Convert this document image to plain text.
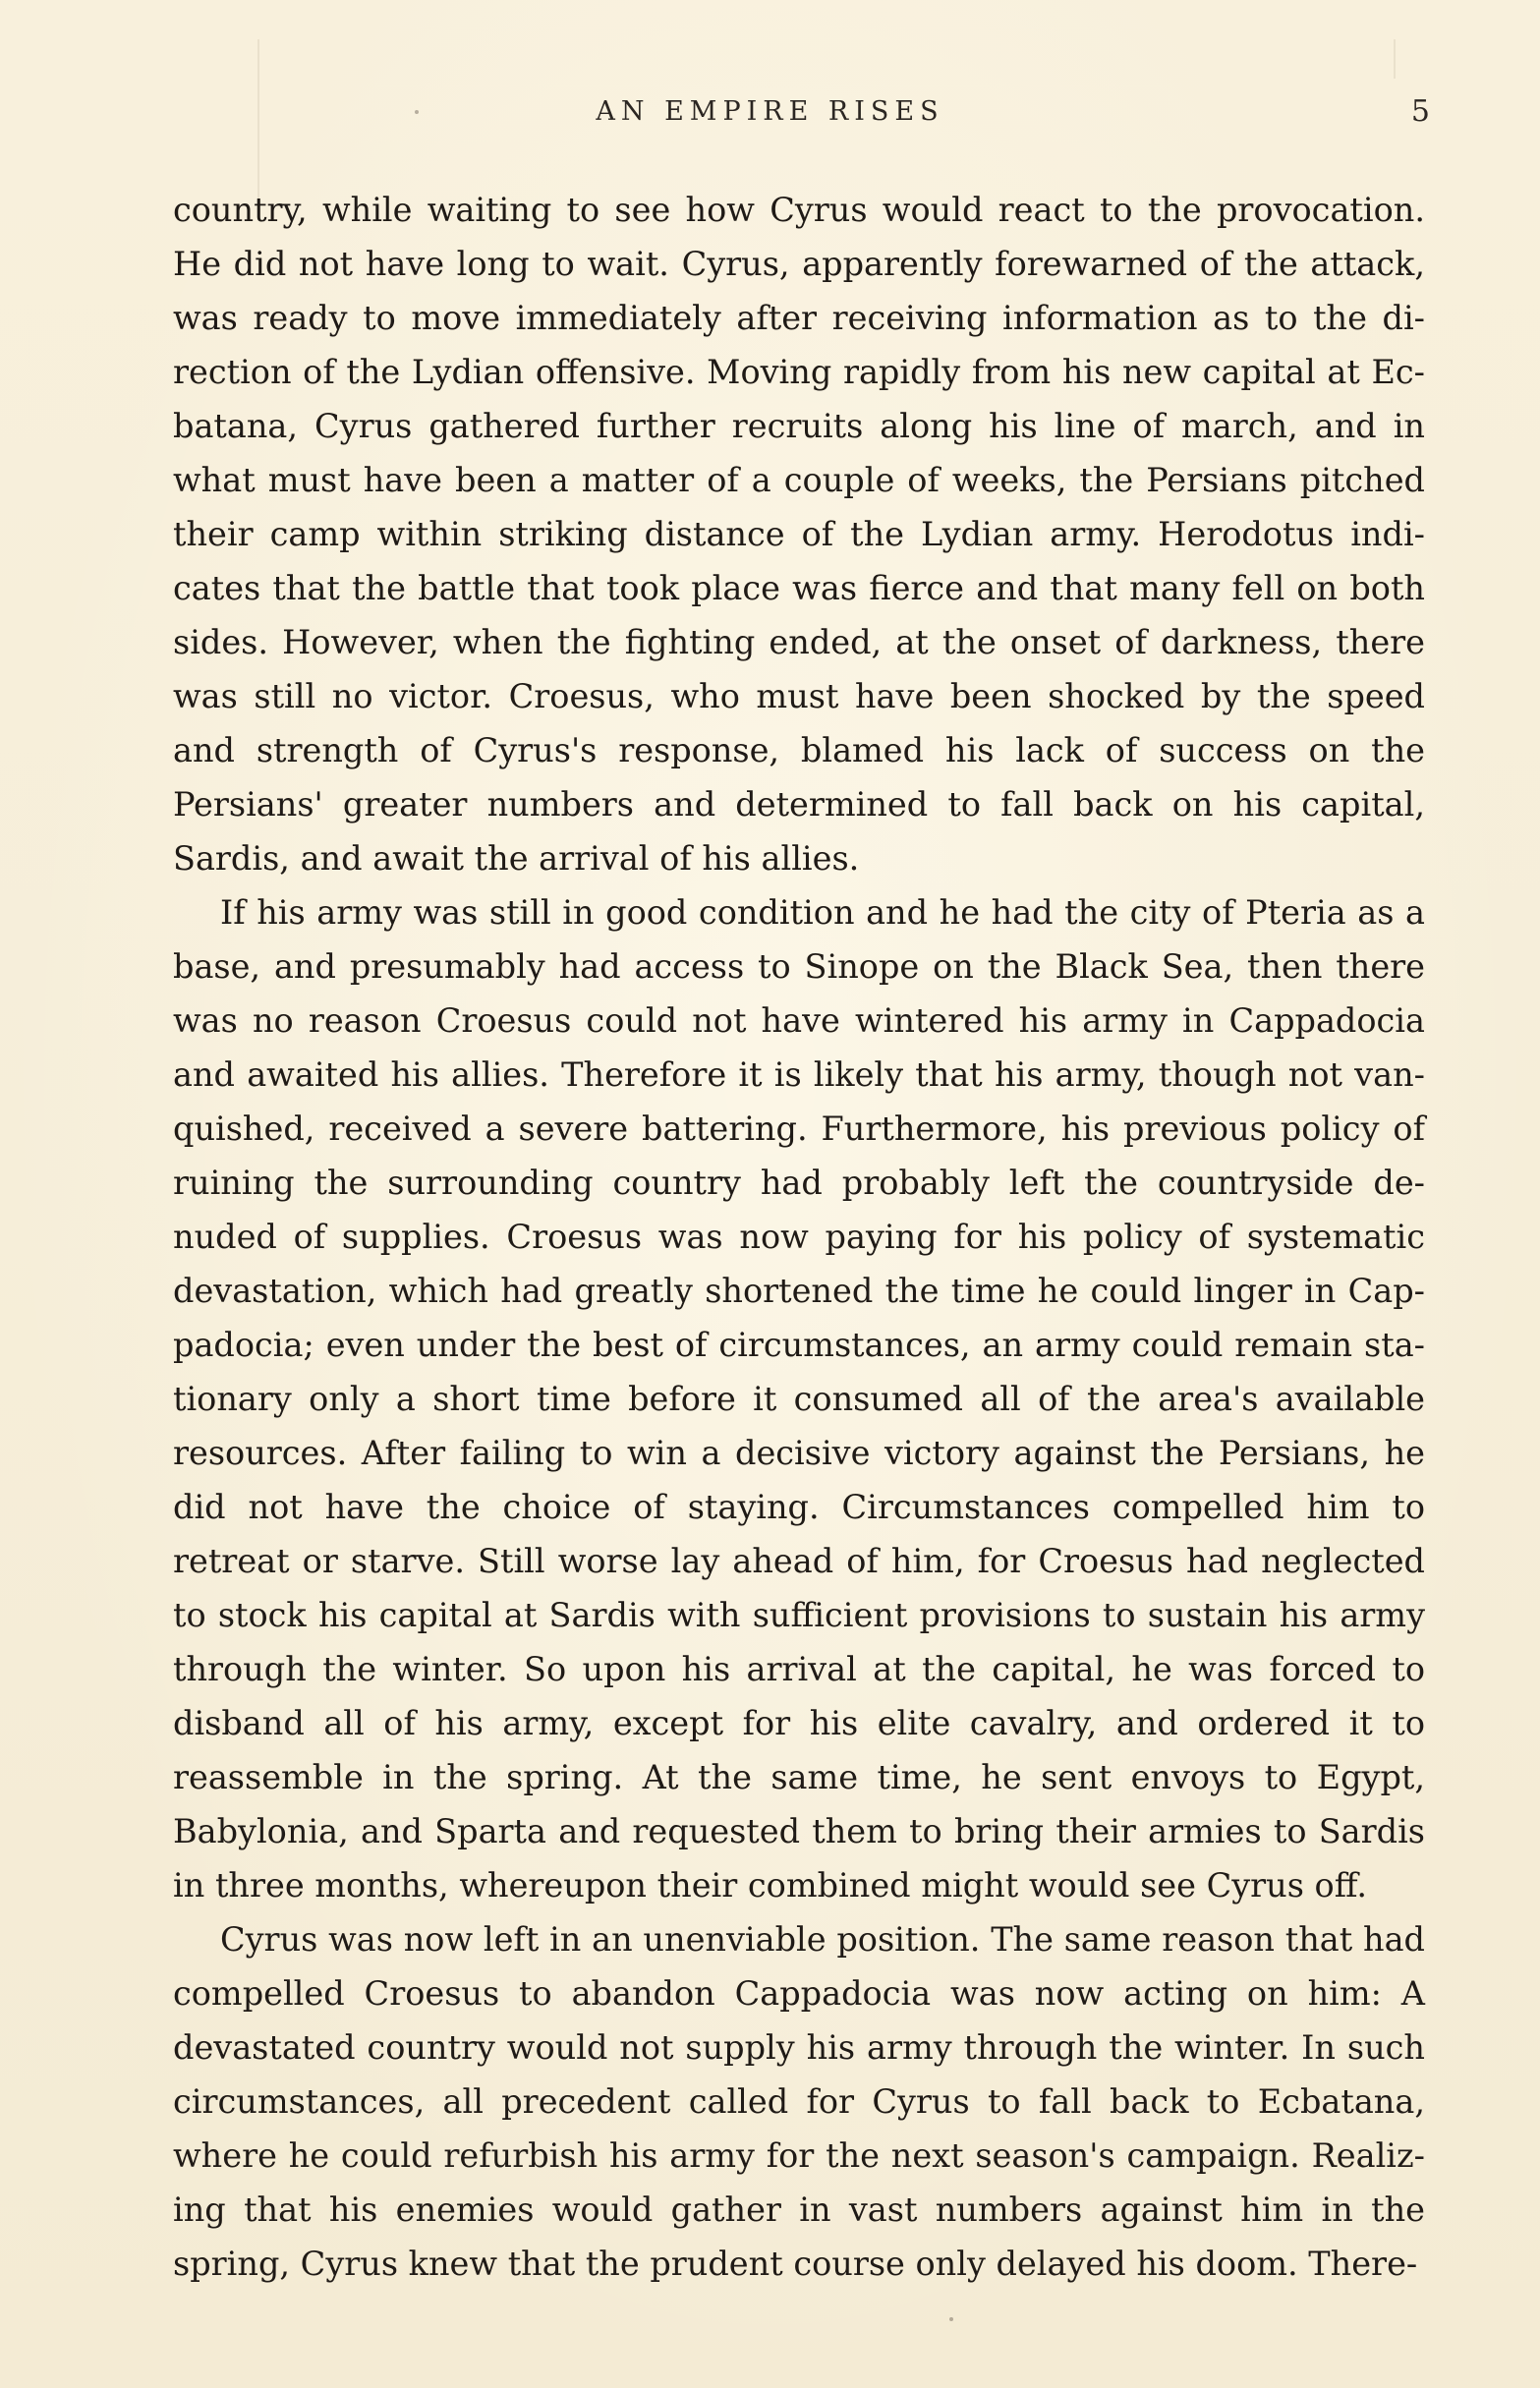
AN EMPIRE RISES	5

country, while waiting to see how Cyrus would react to the provocation. He did not have long to wait. Cyrus, apparently forewarned of the attack, was ready to move immediately after receiving information as to the direction of the Lydian offensive. Moving rapidly from his new capital at Ecbatana, Cyrus gathered further recruits along his line of march, and in what must have been a matter of a couple of weeks, the Persians pitched their camp within striking distance of the Lydian army. Herodotus indicates that the battle that took place was fierce and that many fell on both sides. However, when the fighting ended, at the onset of darkness, there was still no victor. Croesus, who must have been shocked by the speed and strength of Cyrus's response, blamed his lack of success on the Persians' greater numbers and determined to fall back on his capital, Sardis, and await the arrival of his allies.

If his army was still in good condition and he had the city of Pteria as a base, and presumably had access to Sinope on the Black Sea, then there was no reason Croesus could not have wintered his army in Cappadocia and awaited his allies. Therefore it is likely that his army, though not vanquished, received a severe battering. Furthermore, his previous policy of ruining the surrounding country had probably left the countryside denuded of supplies. Croesus was now paying for his policy of systematic devastation, which had greatly shortened the time he could linger in Cappadocia; even under the best of circumstances, an army could remain stationary only a short time before it consumed all of the area's available resources. After failing to win a decisive victory against the Persians, he did not have the choice of staying. Circumstances compelled him to retreat or starve. Still worse lay ahead of him, for Croesus had neglected to stock his capital at Sardis with sufficient provisions to sustain his army through the winter. So upon his arrival at the capital, he was forced to disband all of his army, except for his elite cavalry, and ordered it to reassemble in the spring. At the same time, he sent envoys to Egypt, Babylonia, and Sparta and requested them to bring their armies to Sardis in three months, whereupon their combined might would see Cyrus off.

Cyrus was now left in an unenviable position. The same reason that had compelled Croesus to abandon Cappadocia was now acting on him: A devastated country would not supply his army through the winter. In such circumstances, all precedent called for Cyrus to fall back to Ecbatana, where he could refurbish his army for the next season's campaign. Realizing that his enemies would gather in vast numbers against him in the spring, Cyrus knew that the prudent course only delayed his doom. There-
